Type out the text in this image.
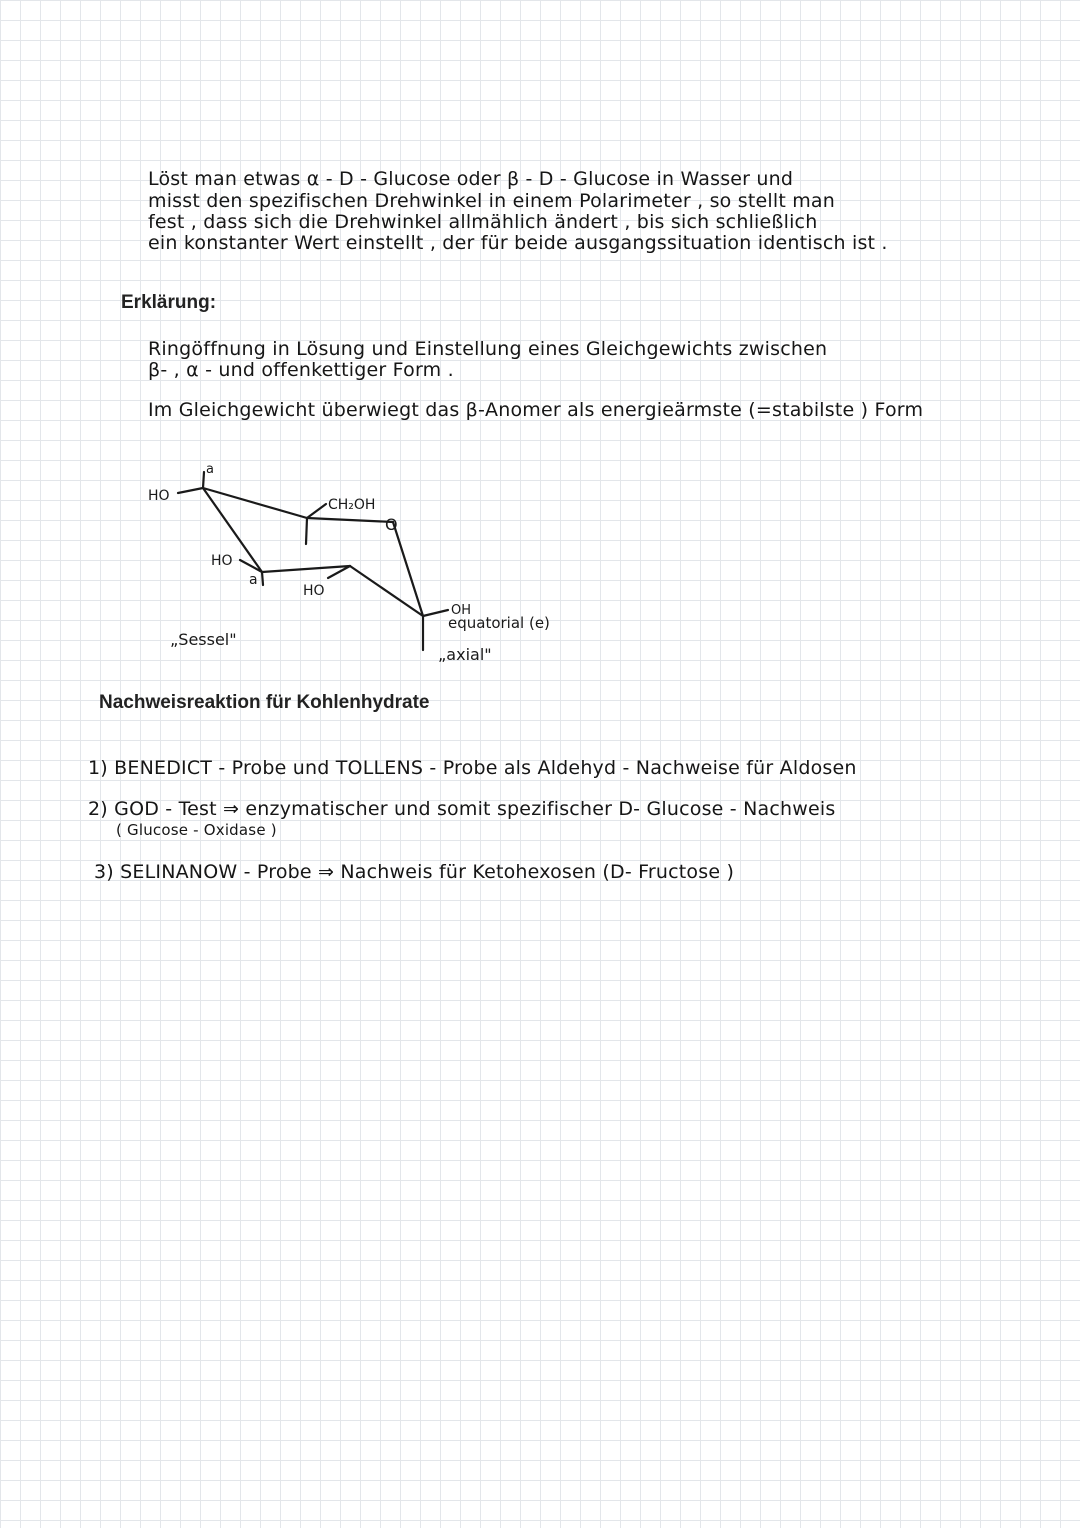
Löst man etwas α - D - Glucose oder β - D - Glucose in Wasser und
misst den spezifischen Drehwinkel in einem Polarimeter , so stellt man
fest , dass sich die Drehwinkel allmählich ändert , bis sich schließlich
ein konstanter Wert einstellt , der für beide ausgangssituation identisch ist .
Erklärung:
Ringöffnung in Lösung und Einstellung eines Gleichgewichts zwischen
β- , α - und offenkettiger Form .
Im Gleichgewicht überwiegt das β-Anomer als energieärmste (=stabilste ) Form
HO
a
CH₂OH
O
HO
a
HO
OH
equatorial (e)
„axial"
„Sessel"
Nachweisreaktion für Kohlenhydrate
1) BENEDICT - Probe und TOLLENS - Probe als Aldehyd - Nachweise für Aldosen
2) GOD - Test ⇒ enzymatischer und somit spezifischer D- Glucose - Nachweis
( Glucose - Oxidase )
3) SELINANOW - Probe ⇒ Nachweis für Ketohexosen (D- Fructose )
